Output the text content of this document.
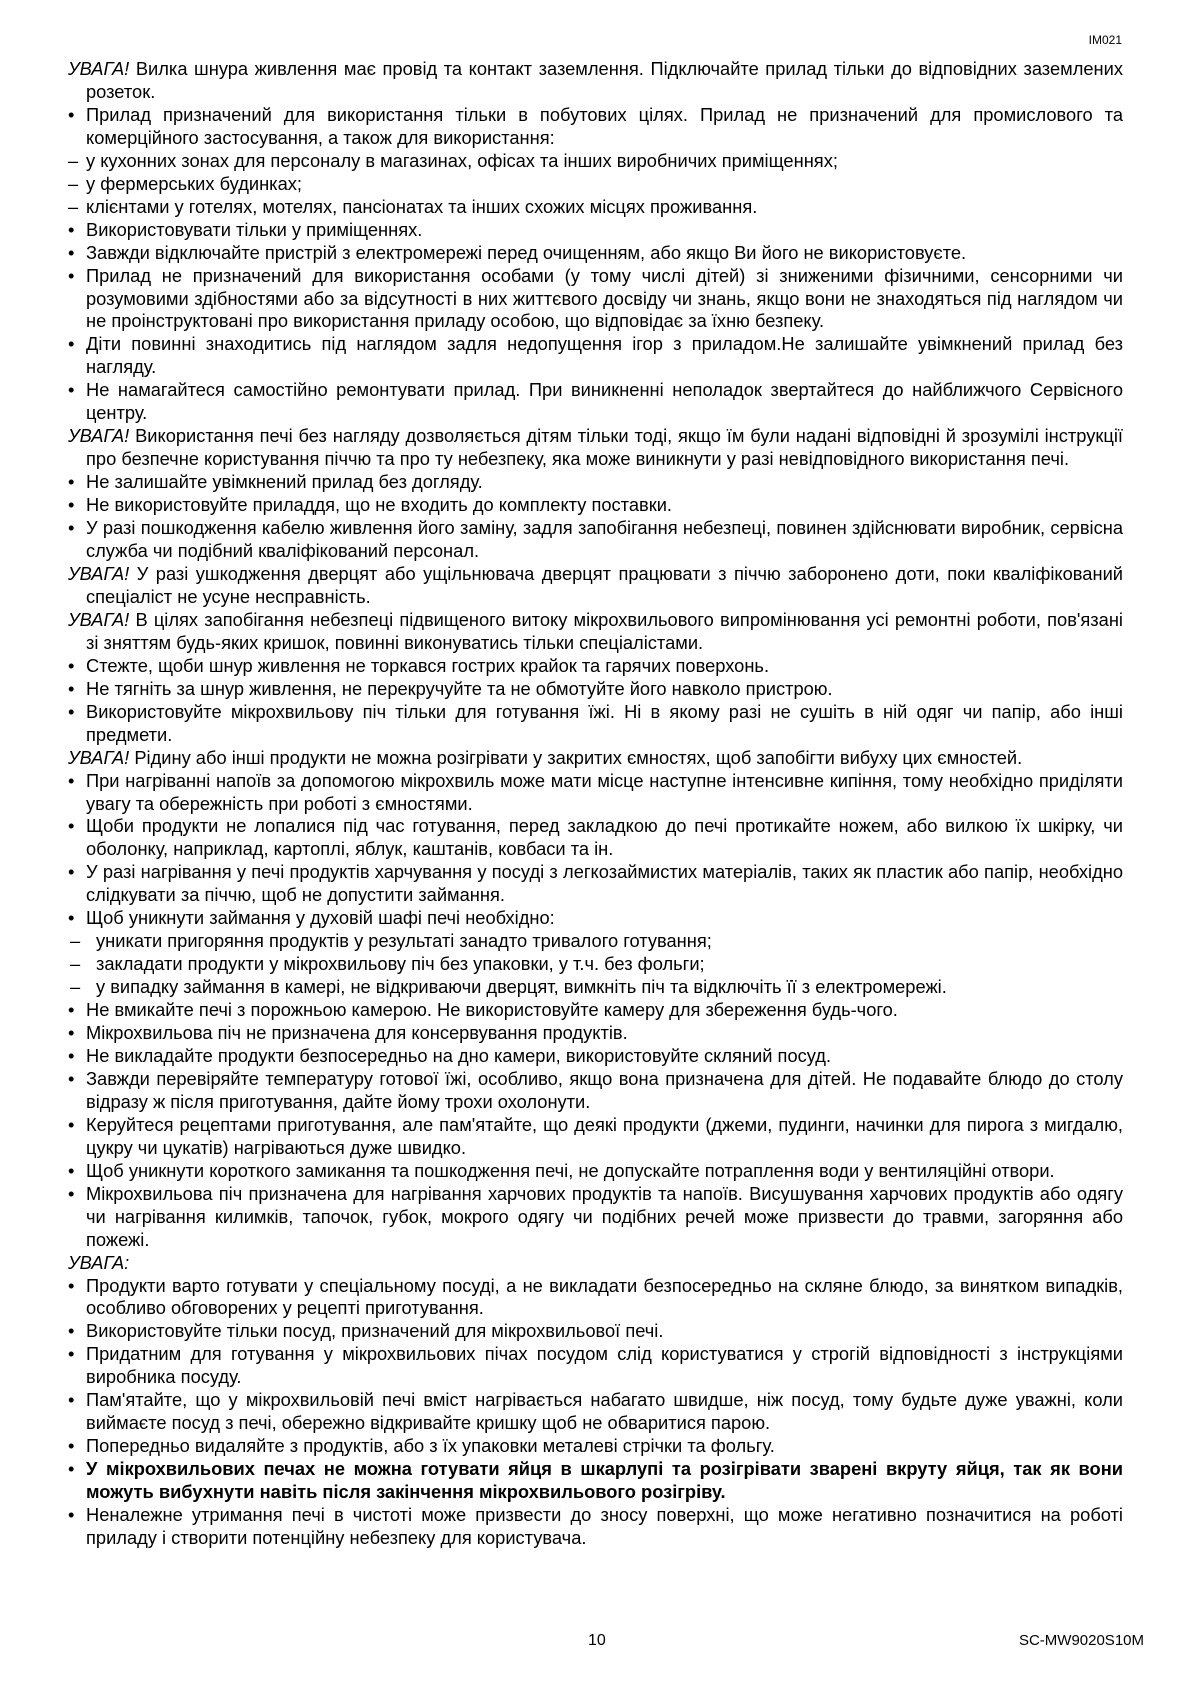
IM021
УВАГА! Вилка шнура живлення має провід та контакт заземлення. Підключайте прилад тільки до відповідних заземлених розеток.
• Прилад призначений для використання тільки в побутових цілях. Прилад не призначений для промислового та комерційного застосування, а також для використання:
– у кухонних зонах для персоналу в магазинах, офісах та інших виробничих приміщеннях;
– у фермерських будинках;
– клієнтами у готелях, мотелях, пансіонатах та інших схожих місцях проживання.
• Використовувати тільки у приміщеннях.
• Завжди відключайте пристрій з електромережі перед очищенням, або якщо Ви його не використовуєте.
• Прилад не призначений для використання особами (у тому числі дітей) зі зниженими фізичними, сенсорними чи розумовими здібностями або за відсутності в них життєвого досвіду чи знань, якщо вони не знаходяться під наглядом чи не проінструктовані про використання приладу особою, що відповідає за їхню безпеку.
• Діти повинні знаходитись під наглядом задля недопущення ігор з приладом.Не залишайте увімкнений прилад без нагляду.
• Не намагайтеся самостійно ремонтувати прилад. При виникненні неполадок звертайтеся до найближчого Сервісного центру.
УВАГА! Використання печі без нагляду дозволяється дітям тільки тоді, якщо їм були надані відповідні й зрозумілі інструкції про безпечне користування піччю та про ту небезпеку, яка може виникнути у разі невідповідного використання печі.
• Не залишайте увімкнений прилад без догляду.
• Не використовуйте приладдя, що не входить до комплекту поставки.
• У разі пошкодження кабелю живлення його заміну, задля запобігання небезпеці, повинен здійснювати виробник, сервісна служба чи подібний кваліфікований персонал.
УВАГА! У разі ушкодження дверцят або ущільнювача дверцят працювати з піччю заборонено доти, поки кваліфікований спеціаліст не усуне несправність.
УВАГА! В цілях запобігання небезпеці підвищеного витоку мікрохвильового випромінювання усі ремонтні роботи, пов'язані зі зняттям будь-яких кришок, повинні виконуватись тільки спеціалістами.
• Стежте, щоби шнур живлення не торкався гострих крайок та гарячих поверхонь.
• Не тягніть за шнур живлення, не перекручуйте та не обмотуйте його навколо пристрою.
• Використовуйте мікрохвильову піч тільки для готування їжі. Ні в якому разі не сушіть в ній одяг чи папір, або інші предмети.
УВАГА! Рідину або інші продукти не можна розігрівати у закритих ємностях, щоб запобігти вибуху цих ємностей.
• При нагріванні напоїв за допомогою мікрохвиль може мати місце наступне інтенсивне кипіння, тому необхідно приділяти увагу та обережність при роботі з ємностями.
• Щоби продукти не лопалися під час готування, перед закладкою до печі протикайте ножем, або вилкою їх шкірку, чи оболонку, наприклад, картоплі, яблук, каштанів, ковбаси та ін.
• У разі нагрівання у печі продуктів харчування у посуді з легкозаймистих матеріалів, таких як пластик або папір, необхідно слідкувати за піччю, щоб не допустити займання.
• Щоб уникнути займання у духовій шафі печі необхідно:
– уникати пригоряння продуктів у результаті занадто тривалого готування;
– закладати продукти у мікрохвильову піч без упаковки, у т.ч. без фольги;
– у випадку займання в камері, не відкриваючи дверцят, вимкніть піч та відключіть її з електромережі.
• Не вмикайте печі з порожньою камерою. Не використовуйте камеру для збереження будь-чого.
• Мікрохвильова піч не призначена для консервування продуктів.
• Не викладайте продукти безпосередньо на дно камери, використовуйте скляний посуд.
• Завжди перевіряйте температуру готової їжі, особливо, якщо вона призначена для дітей. Не подавайте блюдо до столу відразу ж після приготування, дайте йому трохи охолонути.
• Керуйтеся рецептами приготування, але пам'ятайте, що деякі продукти (джеми, пудинги, начинки для пирога з мигдалю, цукру чи цукатів) нагріваються дуже швидко.
• Щоб уникнути короткого замикання та пошкодження печі, не допускайте потраплення води у вентиляційні отвори.
• Мікрохвильова піч призначена для нагрівання харчових продуктів та напоїв. Висушування харчових продуктів або одягу чи нагрівання килимків, тапочок, губок, мокрого одягу чи подібних речей може призвести до травми, загоряння або пожежі.
УВАГА:
• Продукти варто готувати у спеціальному посуді, а не викладати безпосередньо на скляне блюдо, за винятком випадків, особливо обговорених у рецепті приготування.
• Використовуйте тільки посуд, призначений для мікрохвильової печі.
• Придатним для готування у мікрохвильових пічах посудом слід користуватися у строгій відповідності з інструкціями виробника посуду.
• Пам'ятайте, що у мікрохвильовій печі вміст нагрівається набагато швидше, ніж посуд, тому будьте дуже уважні, коли виймаєте посуд з печі, обережно відкривайте кришку щоб не обваритися парою.
• Попередньо видаляйте з продуктів, або з їх упаковки металеві стрічки та фольгу.
• У мікрохвильових печах не можна готувати яйця в шкарлупі та розігрівати зварені вкруту яйця, так як вони можуть вибухнути навіть після закінчення мікрохвильового розігріву.
• Неналежне утримання печі в чистоті може призвести до зносу поверхні, що може негативно позначитися на роботі приладу і створити потенційну небезпеку для користувача.
10	SC-MW9020S10M
